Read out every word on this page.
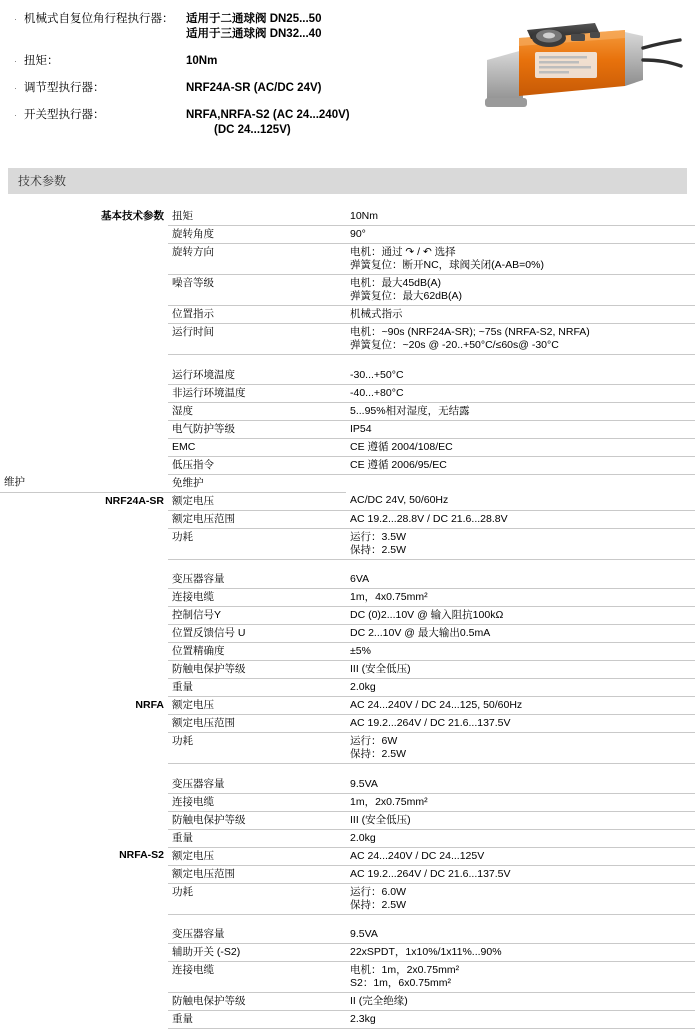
· 机械式自复位角行程执行器：	适用于二通球阀 DN25...50
适用于三通球阀 DN32...40
· 扭矩：	10Nm
· 调节型执行器：	NRF24A-SR (AC/DC 24V)
· 开关型执行器：	NRFA,NRFA-S2 (AC 24...240V)
(DC 24...125V)
技术参数
基本技术参数	扭矩	10Nm

	旋转角度	90°

	旋转方向	电机：通过 ↷ / ↶ 选择
弹簧复位：断开NC，球阀关闭(A-AB=0%)

	噪音等级	电机：最大45dB(A)
弹簧复位：最大62dB(A)

	位置指示	机械式指示

	运行时间	电机：~90s (NRF24A-SR); ~75s (NRFA-S2, NRFA)
弹簧复位：~20s @ -20..+50°C/≤60s@ -30°C

	运行环境温度	-30...+50°C

	非运行环境温度	-40...+80°C

	湿度	5...95%相对湿度，无结露

	电气防护等级	IP54

	EMC	CE 遵循 2004/108/EC

	低压指令	CE 遵循 2006/95/EC

维护	免维护	

NRF24A-SR	额定电压	AC/DC 24V, 50/60Hz

	额定电压范围	AC 19.2...28.8V / DC 21.6...28.8V

	功耗	运行：3.5W
保持：2.5W

	变压器容量	6VA

	连接电缆	1m，4x0.75mm²

	控制信号Y	DC (0)2...10V @ 输入阻抗100kΩ

	位置反馈信号 U	DC 2...10V @ 最大输出0.5mA

	位置精确度	±5%

	防触电保护等级	III (安全低压)

	重量	2.0kg

NRFA	额定电压	AC 24...240V / DC 24...125, 50/60Hz

	额定电压范围	AC 19.2...264V / DC 21.6...137.5V

	功耗	运行：6W
保持：2.5W

	变压器容量	9.5VA

	连接电缆	1m，2x0.75mm²

	防触电保护等级	III (安全低压)

	重量	2.0kg

NRFA-S2	额定电压	AC 24...240V / DC 24...125V

	额定电压范围	AC 19.2...264V / DC 21.6...137.5V

	功耗	运行：6.0W
保持：2.5W

	变压器容量	9.5VA

	辅助开关 (-S2)	22xSPDT，1x10%/1x11%...90%

	连接电缆	电机：1m，2x0.75mm²
S2：1m，6x0.75mm²

	防触电保护等级	II (完全绝缘)

	重量	2.3kg
